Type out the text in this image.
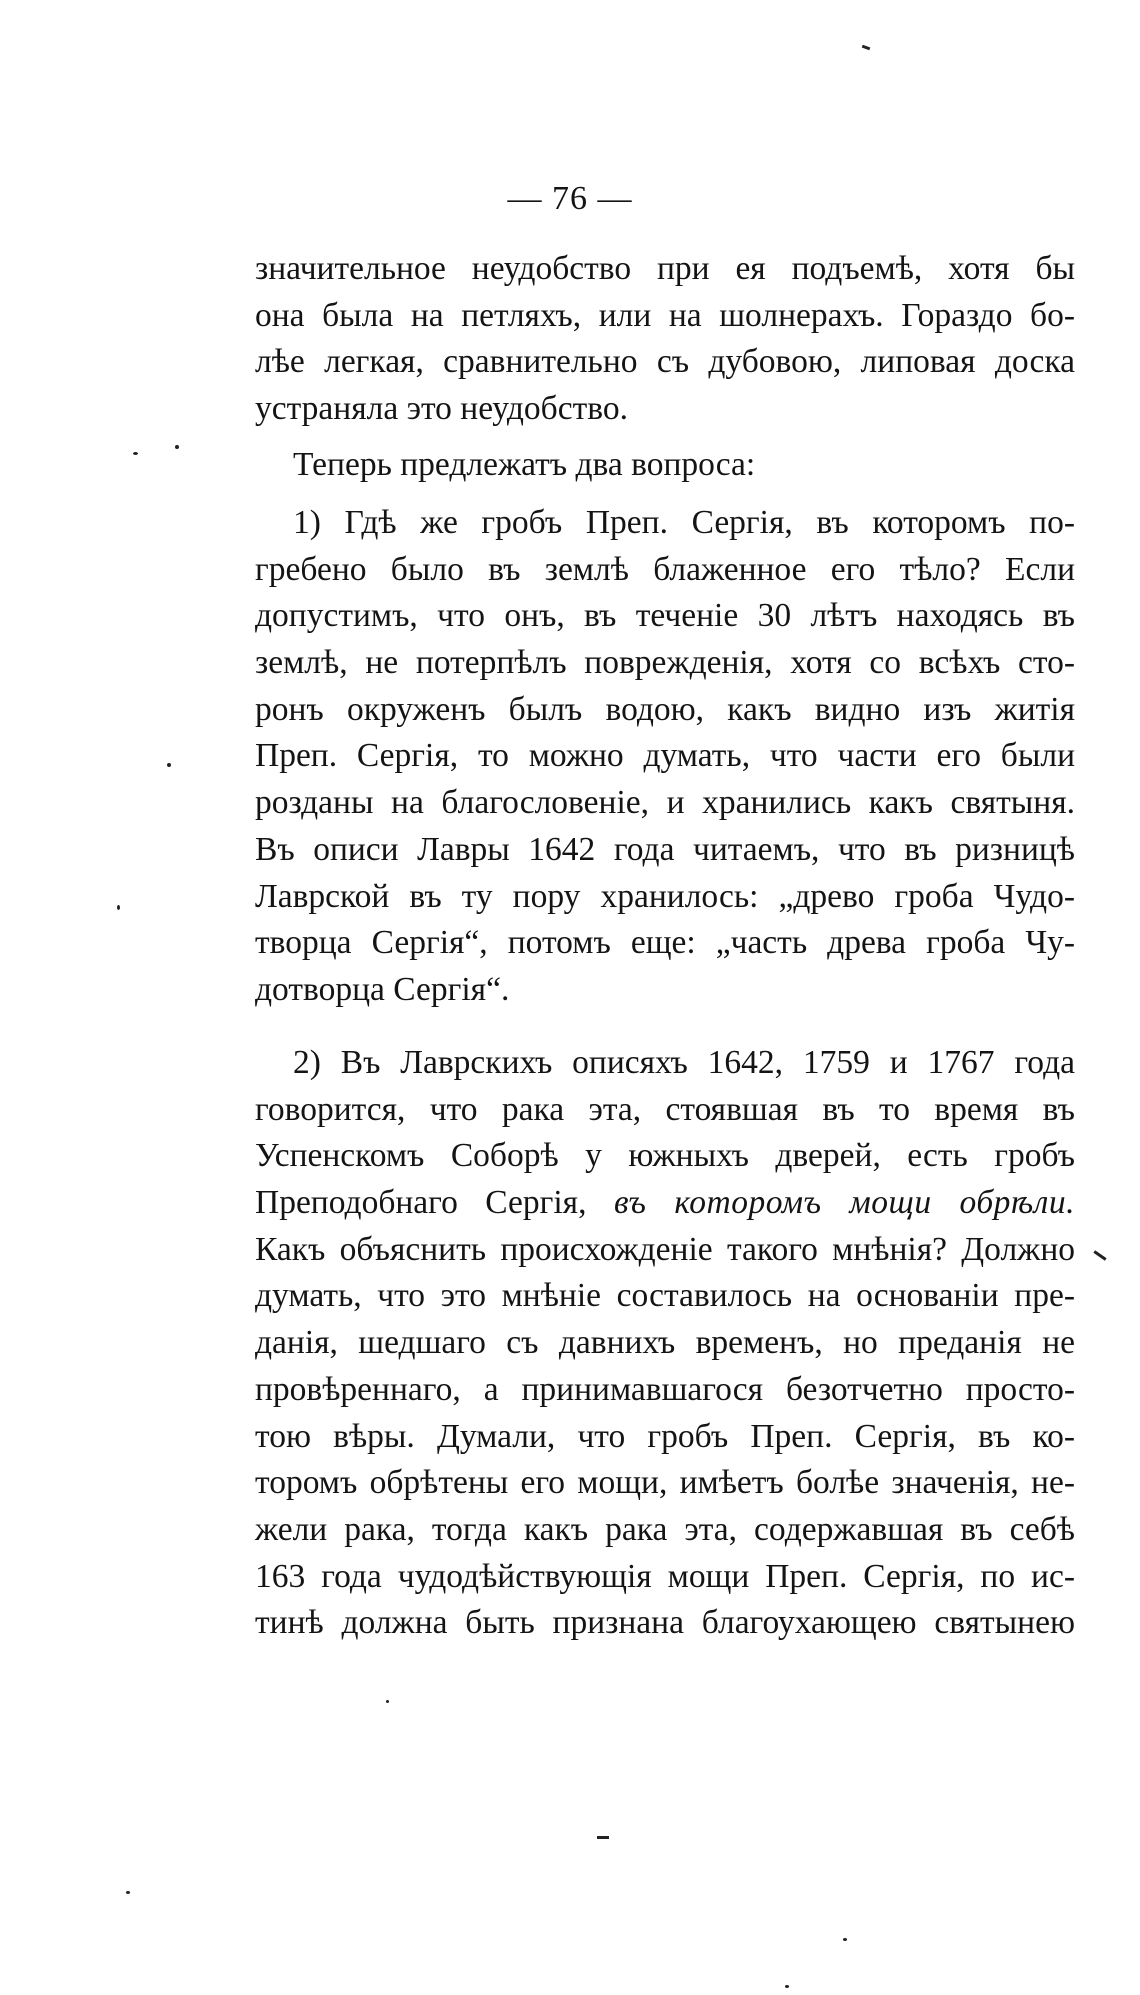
— 76 —
значительное неудобство при ея подъемѣ, хотя бы
она была на петляхъ, или на шолнерахъ. Гораздо бо-
лѣе легкая, сравнительно съ дубовою, липовая доска
устраняла это неудобство.
Теперь предлежатъ два вопроса:
1) Гдѣ же гробъ Преп. Сергія, въ которомъ по-
гребено было въ землѣ блаженное его тѣло? Если
допустимъ, что онъ, въ теченіе 30 лѣтъ находясь въ
землѣ, не потерпѣлъ поврежденія, хотя со всѣхъ сто-
ронъ окруженъ былъ водою, какъ видно изъ житія
Преп. Сергія, то можно думать, что части его были
розданы на благословеніе, и хранились какъ святыня.
Въ описи Лавры 1642 года читаемъ, что въ ризницѣ
Лаврской въ ту пору хранилось: „древо гроба Чудо-
творца Сергія“, потомъ еще: „часть древа гроба Чу-
дотворца Сергія“.
2) Въ Лаврскихъ описяхъ 1642, 1759 и 1767 года
говорится, что рака эта, стоявшая въ то время въ
Успенскомъ Соборѣ у южныхъ дверей, есть гробъ
Преподобнаго Сергія, въ которомъ мощи обрѣли.
Какъ объяснить происхожденіе такого мнѣнія? Должно
думать, что это мнѣніе составилось на основаніи пре-
данія, шедшаго съ давнихъ временъ, но преданія не
провѣреннаго, а принимавшагося безотчетно просто-
тою вѣры. Думали, что гробъ Преп. Сергія, въ ко-
торомъ обрѣтены его мощи, имѣетъ болѣе значенія, не-
жели рака, тогда какъ рака эта, содержавшая въ себѣ
163 года чудодѣйствующія мощи Преп. Сергія, по ис-
тинѣ должна быть признана благоухающею святынею
